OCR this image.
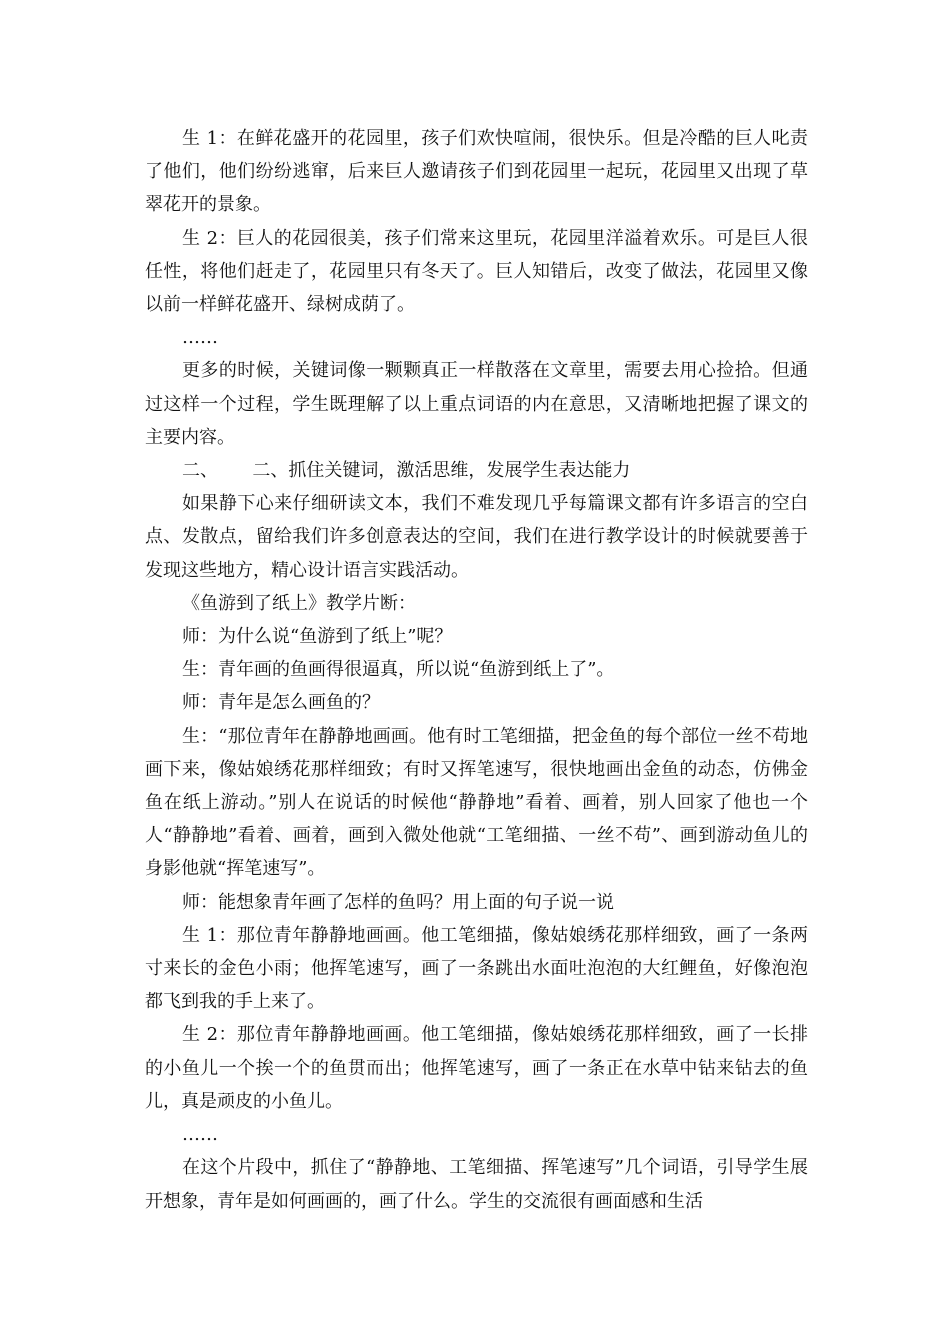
生 1：在鲜花盛开的花园里，孩子们欢快喧闹，很快乐。但是冷酷的巨人叱责了他们，他们纷纷逃窜，后来巨人邀请孩子们到花园里一起玩，花园里又出现了草翠花开的景象。

生 2：巨人的花园很美，孩子们常来这里玩，花园里洋溢着欢乐。可是巨人很任性，将他们赶走了，花园里只有冬天了。巨人知错后，改变了做法，花园里又像以前一样鲜花盛开、绿树成荫了。

……

更多的时候，关键词像一颗颗真正一样散落在文章里，需要去用心捡拾。但通过这样一个过程，学生既理解了以上重点词语的内在意思，又清晰地把握了课文的主要内容。

二、      二、抓住关键词，激活思维，发展学生表达能力

如果静下心来仔细研读文本，我们不难发现几乎每篇课文都有许多语言的空白点、发散点，留给我们许多创意表达的空间，我们在进行教学设计的时候就要善于发现这些地方，精心设计语言实践活动。

《鱼游到了纸上》教学片断：

师：为什么说“鱼游到了纸上”呢？

生：青年画的鱼画得很逼真，所以说“鱼游到纸上了”。

师：青年是怎么画鱼的？

生：“那位青年在静静地画画。他有时工笔细描，把金鱼的每个部位一丝不苟地画下来，像姑娘绣花那样细致；有时又挥笔速写，很快地画出金鱼的动态，仿佛金鱼在纸上游动。”别人在说话的时候他“静静地”看着、画着，别人回家了他也一个人“静静地”看着、画着，画到入微处他就“工笔细描、一丝不苟”、画到游动鱼儿的身影他就“挥笔速写”。

师：能想象青年画了怎样的鱼吗？用上面的句子说一说

生 1：那位青年静静地画画。他工笔细描，像姑娘绣花那样细致，画了一条两寸来长的金色小雨；他挥笔速写，画了一条跳出水面吐泡泡的大红鲤鱼，好像泡泡都飞到我的手上来了。

生 2：那位青年静静地画画。他工笔细描，像姑娘绣花那样细致，画了一长排的小鱼儿一个挨一个的鱼贯而出；他挥笔速写，画了一条正在水草中钻来钻去的鱼儿，真是顽皮的小鱼儿。

……

在这个片段中，抓住了“静静地、工笔细描、挥笔速写”几个词语，引导学生展开想象，青年是如何画画的，画了什么。学生的交流很有画面感和生活
